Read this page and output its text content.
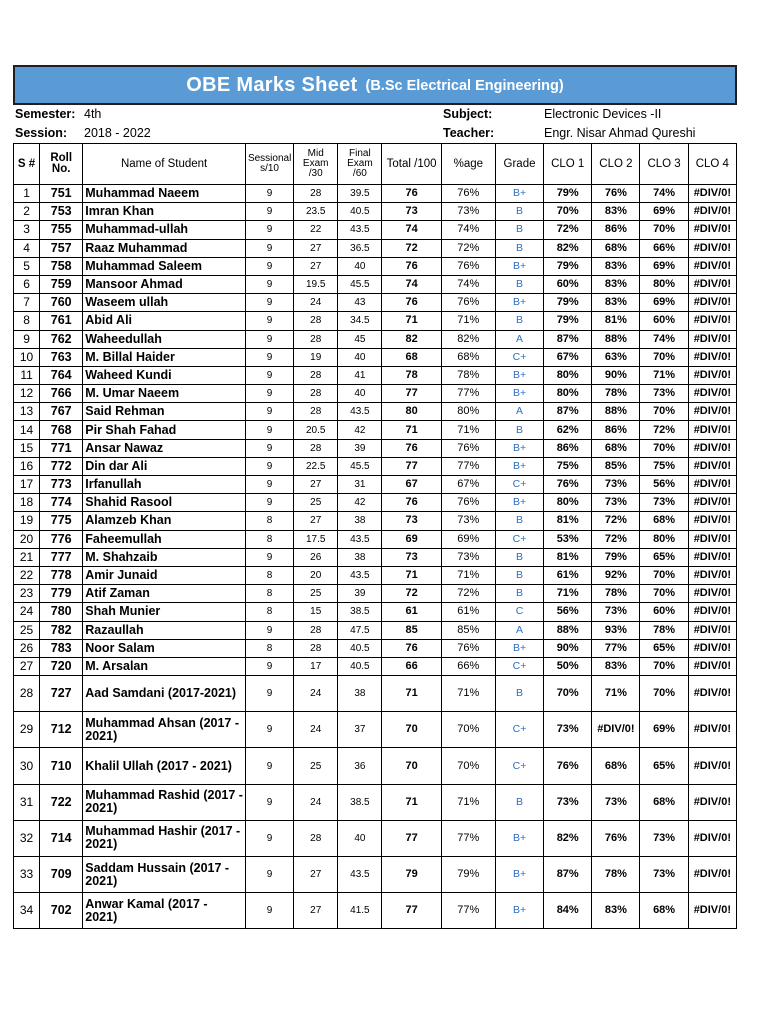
OBE Marks Sheet (B.Sc Electrical Engineering)
Semester: 4th	Subject:	Electronic Devices -II
Session: 2018 - 2022	Teacher:	Engr. Nisar Ahmad Qureshi
S #	Roll No.	Name of Student	Sessional s/10	Mid Exam /30	Final Exam /60	Total /100	%age	Grade	CLO 1	CLO 2	CLO 3	CLO 4
1	751	Muhammad Naeem	9	28	39.5	76	76%	B+	79%	76%	74%	#DIV/0!
2	753	Imran Khan	9	23.5	40.5	73	73%	B	70%	83%	69%	#DIV/0!
3	755	Muhammad-ullah	9	22	43.5	74	74%	B	72%	86%	70%	#DIV/0!
4	757	Raaz Muhammad	9	27	36.5	72	72%	B	82%	68%	66%	#DIV/0!
5	758	Muhammad Saleem	9	27	40	76	76%	B+	79%	83%	69%	#DIV/0!
6	759	Mansoor Ahmad	9	19.5	45.5	74	74%	B	60%	83%	80%	#DIV/0!
7	760	Waseem ullah	9	24	43	76	76%	B+	79%	83%	69%	#DIV/0!
8	761	Abid Ali	9	28	34.5	71	71%	B	79%	81%	60%	#DIV/0!
9	762	Waheedullah	9	28	45	82	82%	A	87%	88%	74%	#DIV/0!
10	763	M. Billal Haider	9	19	40	68	68%	C+	67%	63%	70%	#DIV/0!
11	764	Waheed Kundi	9	28	41	78	78%	B+	80%	90%	71%	#DIV/0!
12	766	M. Umar Naeem	9	28	40	77	77%	B+	80%	78%	73%	#DIV/0!
13	767	Said Rehman	9	28	43.5	80	80%	A	87%	88%	70%	#DIV/0!
14	768	Pir Shah Fahad	9	20.5	42	71	71%	B	62%	86%	72%	#DIV/0!
15	771	Ansar Nawaz	9	28	39	76	76%	B+	86%	68%	70%	#DIV/0!
16	772	Din dar Ali	9	22.5	45.5	77	77%	B+	75%	85%	75%	#DIV/0!
17	773	Irfanullah	9	27	31	67	67%	C+	76%	73%	56%	#DIV/0!
18	774	Shahid Rasool	9	25	42	76	76%	B+	80%	73%	73%	#DIV/0!
19	775	Alamzeb Khan	8	27	38	73	73%	B	81%	72%	68%	#DIV/0!
20	776	Faheemullah	8	17.5	43.5	69	69%	C+	53%	72%	80%	#DIV/0!
21	777	M. Shahzaib	9	26	38	73	73%	B	81%	79%	65%	#DIV/0!
22	778	Amir Junaid	8	20	43.5	71	71%	B	61%	92%	70%	#DIV/0!
23	779	Atif Zaman	8	25	39	72	72%	B	71%	78%	70%	#DIV/0!
24	780	Shah Munier	8	15	38.5	61	61%	C	56%	73%	60%	#DIV/0!
25	782	Razaullah	9	28	47.5	85	85%	A	88%	93%	78%	#DIV/0!
26	783	Noor Salam	8	28	40.5	76	76%	B+	90%	77%	65%	#DIV/0!
27	720	M. Arsalan	9	17	40.5	66	66%	C+	50%	83%	70%	#DIV/0!
28	727	Aad Samdani (2017-2021)	9	24	38	71	71%	B	70%	71%	70%	#DIV/0!
29	712	Muhammad Ahsan (2017 - 2021)	9	24	37	70	70%	C+	73%	#DIV/0!	69%	#DIV/0!
30	710	Khalil Ullah (2017 - 2021)	9	25	36	70	70%	C+	76%	68%	65%	#DIV/0!
31	722	Muhammad Rashid (2017 - 2021)	9	24	38.5	71	71%	B	73%	73%	68%	#DIV/0!
32	714	Muhammad Hashir (2017 - 2021)	9	28	40	77	77%	B+	82%	76%	73%	#DIV/0!
33	709	Saddam Hussain (2017 - 2021)	9	27	43.5	79	79%	B+	87%	78%	73%	#DIV/0!
34	702	Anwar Kamal (2017 - 2021)	9	27	41.5	77	77%	B+	84%	83%	68%	#DIV/0!
